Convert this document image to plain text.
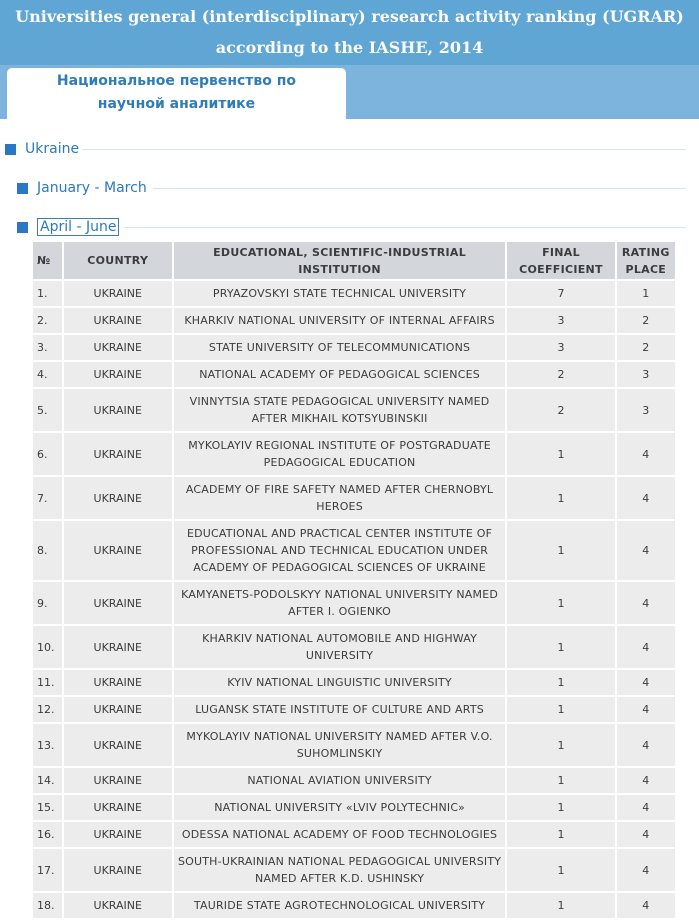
Universities general (interdisciplinary) research activity ranking (UGRAR)
according to the IASHE, 2014
Национальное первенство по
научной аналитике
Ukraine
January - March
April - June
№	COUNTRY	EDUCATIONAL, SCIENTIFIC-INDUSTRIAL INSTITUTION	FINAL COEFFICIENT	RATING PLACE
1.	UKRAINE	PRYAZOVSKYI STATE TECHNICAL UNIVERSITY	7	1
2.	UKRAINE	KHARKIV NATIONAL UNIVERSITY OF INTERNAL AFFAIRS	3	2
3.	UKRAINE	STATE UNIVERSITY OF TELECOMMUNICATIONS	3	2
4.	UKRAINE	NATIONAL ACADEMY OF PEDAGOGICAL SCIENCES	2	3
5.	UKRAINE	VINNYTSIA STATE PEDAGOGICAL UNIVERSITY NAMED AFTER MIKHAIL KOTSYUBINSKII	2	3
6.	UKRAINE	MYKOLAYIV REGIONAL INSTITUTE OF POSTGRADUATE PEDAGOGICAL EDUCATION	1	4
7.	UKRAINE	ACADEMY OF FIRE SAFETY NAMED AFTER CHERNOBYL HEROES	1	4
8.	UKRAINE	EDUCATIONAL AND PRACTICAL CENTER INSTITUTE OF PROFESSIONAL AND TECHNICAL EDUCATION UNDER ACADEMY OF PEDAGOGICAL SCIENCES OF UKRAINE	1	4
9.	UKRAINE	KAMYANETS-PODOLSKYY NATIONAL UNIVERSITY NAMED AFTER I. OGIENKO	1	4
10.	UKRAINE	KHARKIV NATIONAL AUTOMOBILE AND HIGHWAY UNIVERSITY	1	4
11.	UKRAINE	KYIV NATIONAL LINGUISTIC UNIVERSITY	1	4
12.	UKRAINE	LUGANSK STATE INSTITUTE OF CULTURE AND ARTS	1	4
13.	UKRAINE	MYKOLAYIV NATIONAL UNIVERSITY NAMED AFTER V.O. SUHOMLINSKIY	1	4
14.	UKRAINE	NATIONAL AVIATION UNIVERSITY	1	4
15.	UKRAINE	NATIONAL UNIVERSITY «LVIV POLYTECHNIC»	1	4
16.	UKRAINE	ODESSA NATIONAL ACADEMY OF FOOD TECHNOLOGIES	1	4
17.	UKRAINE	SOUTH-UKRAINIAN NATIONAL PEDAGOGICAL UNIVERSITY NAMED AFTER K.D. USHINSKY	1	4
18.	UKRAINE	TAURIDE STATE AGROTECHNOLOGICAL UNIVERSITY	1	4
